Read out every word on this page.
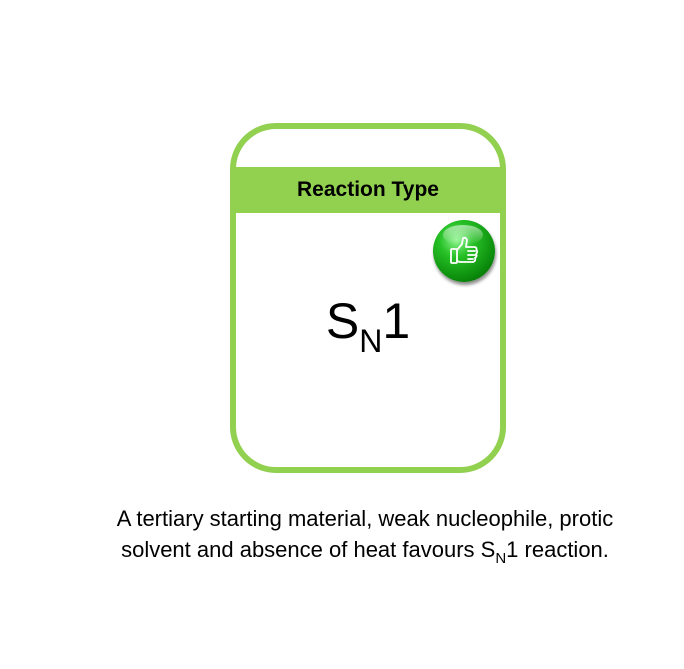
Reaction Type
$S_N1$
A tertiary starting material, weak nucleophile, protic solvent and absence of heat favours $S_N1$ reaction.
